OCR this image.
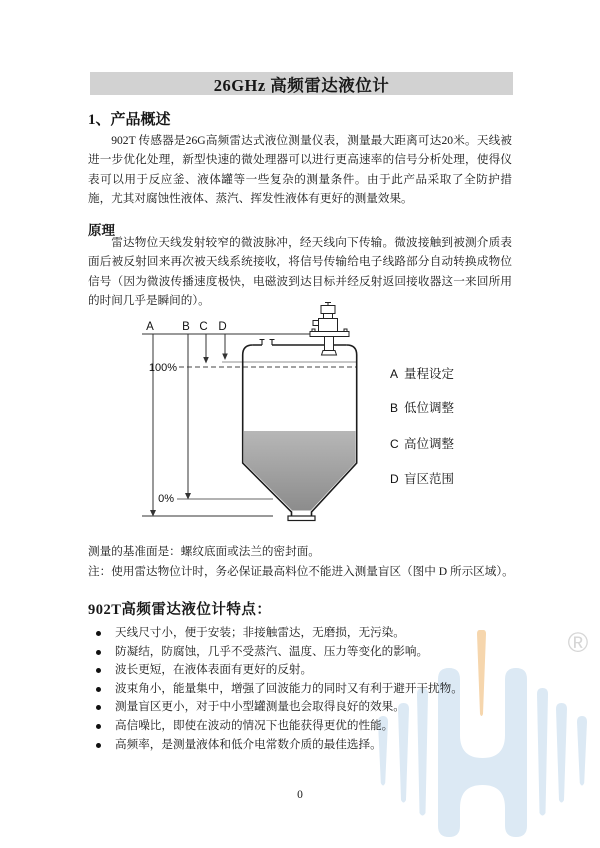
®
26GHz 高频雷达液位计
1、产品概述
902T 传感器是26G高频雷达式液位测量仪表，测量最大距离可达20米。天线被进一步优化处理，新型快速的微处理器可以进行更高速率的信号分析处理，使得仪表可以用于反应釜、液体罐等一些复杂的测量条件。由于此产品采取了全防护措施，尤其对腐蚀性液体、蒸汽、挥发性液体有更好的测量效果。
原理
雷达物位天线发射较窄的微波脉冲，经天线向下传输。微波接触到被测介质表面后被反射回来再次被天线系统接收，将信号传输给电子线路部分自动转换成物位信号（因为微波传播速度极快，电磁波到达目标并经反射返回接收器这一来回所用的时间几乎是瞬间的）。
A B C D
100%
0%
A 量程设定
B 低位调整
C 高位调整
D 盲区范围
测量的基准面是：螺纹底面或法兰的密封面。
注：使用雷达物位计时，务必保证最高料位不能进入测量盲区（图中 D 所示区域）。
902T高频雷达液位计特点：
天线尺寸小，便于安装；非接触雷达，无磨损，无污染。
防凝结，防腐蚀，几乎不受蒸汽、温度、压力等变化的影响。
波长更短，在液体表面有更好的反射。
波束角小，能量集中，增强了回波能力的同时又有利于避开干扰物。
测量盲区更小，对于中小型罐测量也会取得良好的效果。
高信噪比，即使在波动的情况下也能获得更优的性能。
高频率，是测量液体和低介电常数介质的最佳选择。
0
